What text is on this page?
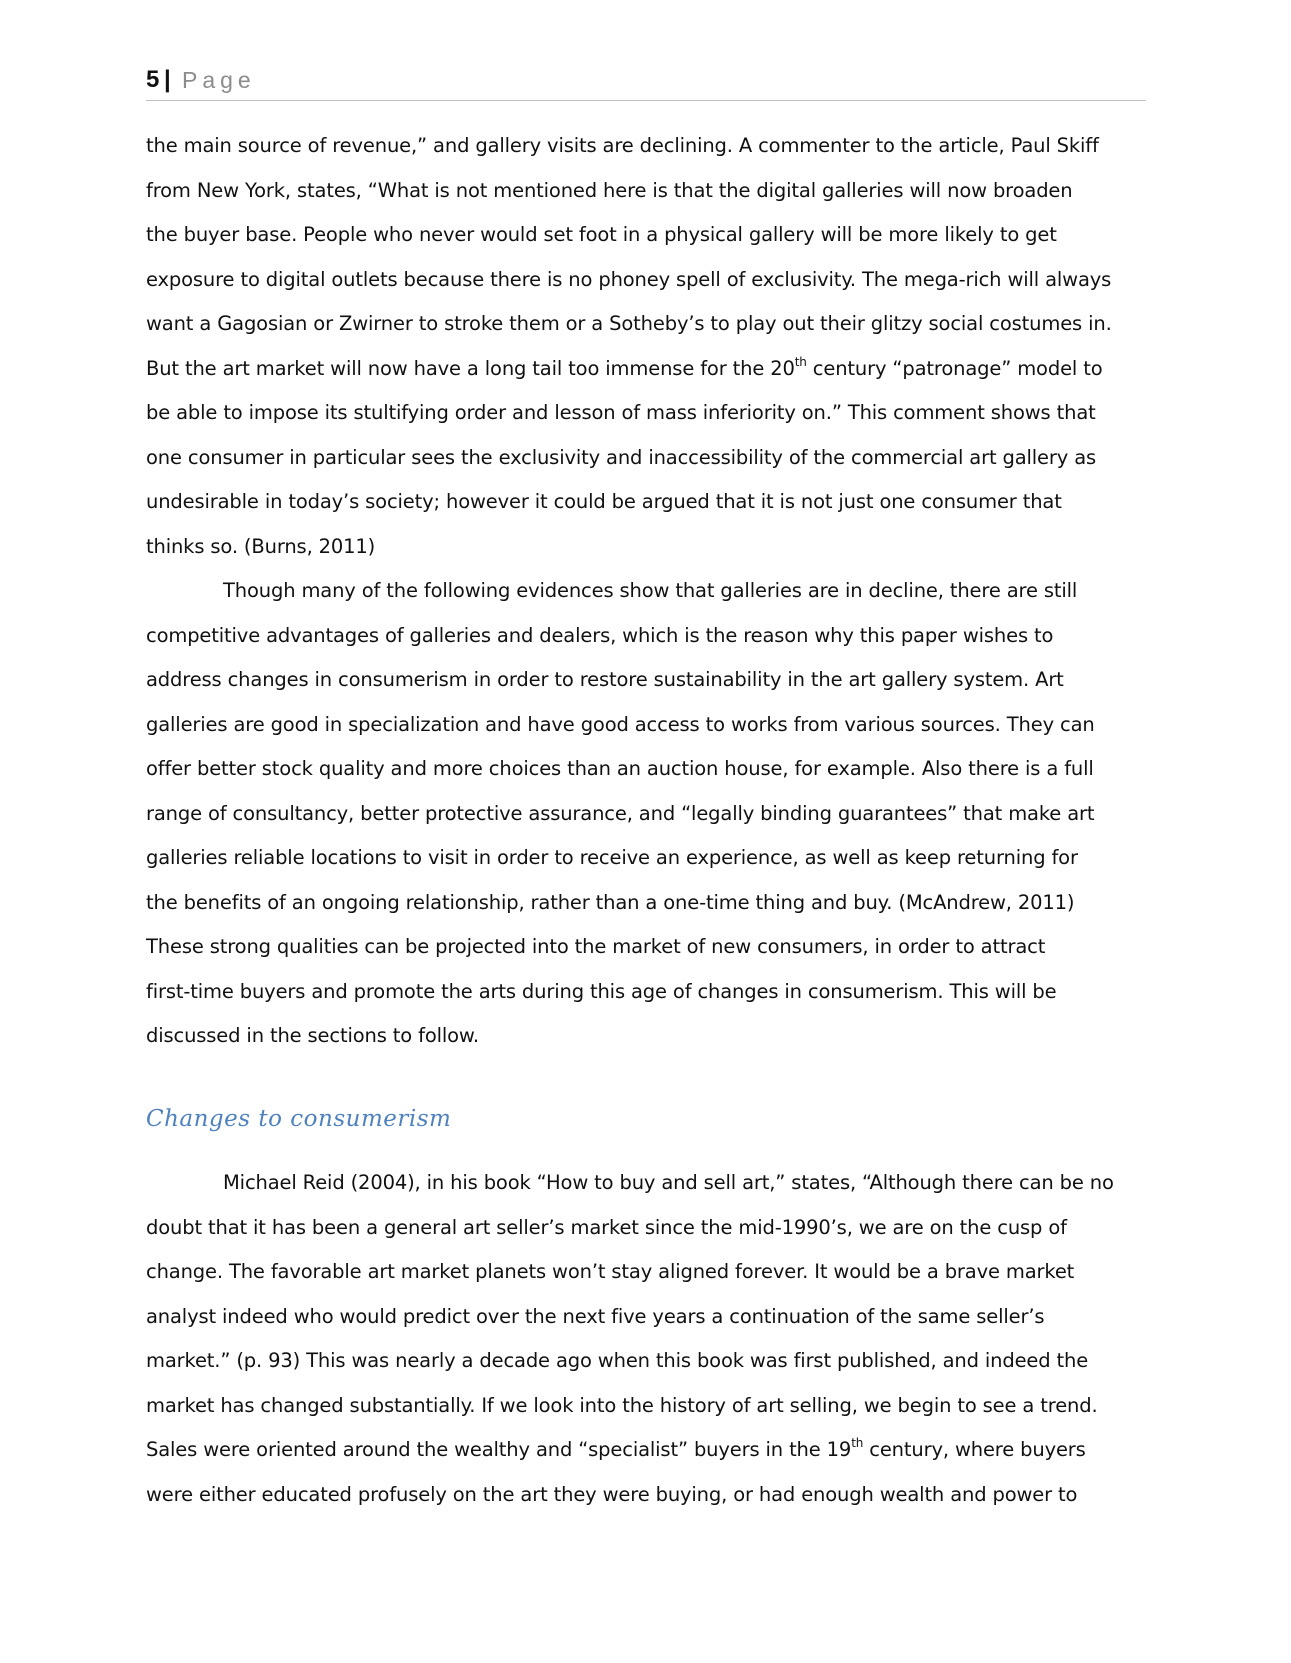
5 | Page

the main source of revenue,” and gallery visits are declining. A commenter to the article, Paul Skiff
from New York, states, “What is not mentioned here is that the digital galleries will now broaden
the buyer base. People who never would set foot in a physical gallery will be more likely to get
exposure to digital outlets because there is no phoney spell of exclusivity. The mega-rich will always
want a Gagosian or Zwirner to stroke them or a Sotheby’s to play out their glitzy social costumes in.
But the art market will now have a long tail too immense for the 20th century “patronage” model to
be able to impose its stultifying order and lesson of mass inferiority on.” This comment shows that
one consumer in particular sees the exclusivity and inaccessibility of the commercial art gallery as
undesirable in today’s society; however it could be argued that it is not just one consumer that
thinks so. (Burns, 2011)

Though many of the following evidences show that galleries are in decline, there are still
competitive advantages of galleries and dealers, which is the reason why this paper wishes to
address changes in consumerism in order to restore sustainability in the art gallery system. Art
galleries are good in specialization and have good access to works from various sources. They can
offer better stock quality and more choices than an auction house, for example. Also there is a full
range of consultancy, better protective assurance, and “legally binding guarantees” that make art
galleries reliable locations to visit in order to receive an experience, as well as keep returning for
the benefits of an ongoing relationship, rather than a one-time thing and buy. (McAndrew, 2011)
These strong qualities can be projected into the market of new consumers, in order to attract
first-time buyers and promote the arts during this age of changes in consumerism. This will be
discussed in the sections to follow.

Changes to consumerism

Michael Reid (2004), in his book “How to buy and sell art,” states, “Although there can be no
doubt that it has been a general art seller’s market since the mid-1990’s, we are on the cusp of
change. The favorable art market planets won’t stay aligned forever. It would be a brave market
analyst indeed who would predict over the next five years a continuation of the same seller’s
market.” (p. 93) This was nearly a decade ago when this book was first published, and indeed the
market has changed substantially. If we look into the history of art selling, we begin to see a trend.
Sales were oriented around the wealthy and “specialist” buyers in the 19th century, where buyers
were either educated profusely on the art they were buying, or had enough wealth and power to
